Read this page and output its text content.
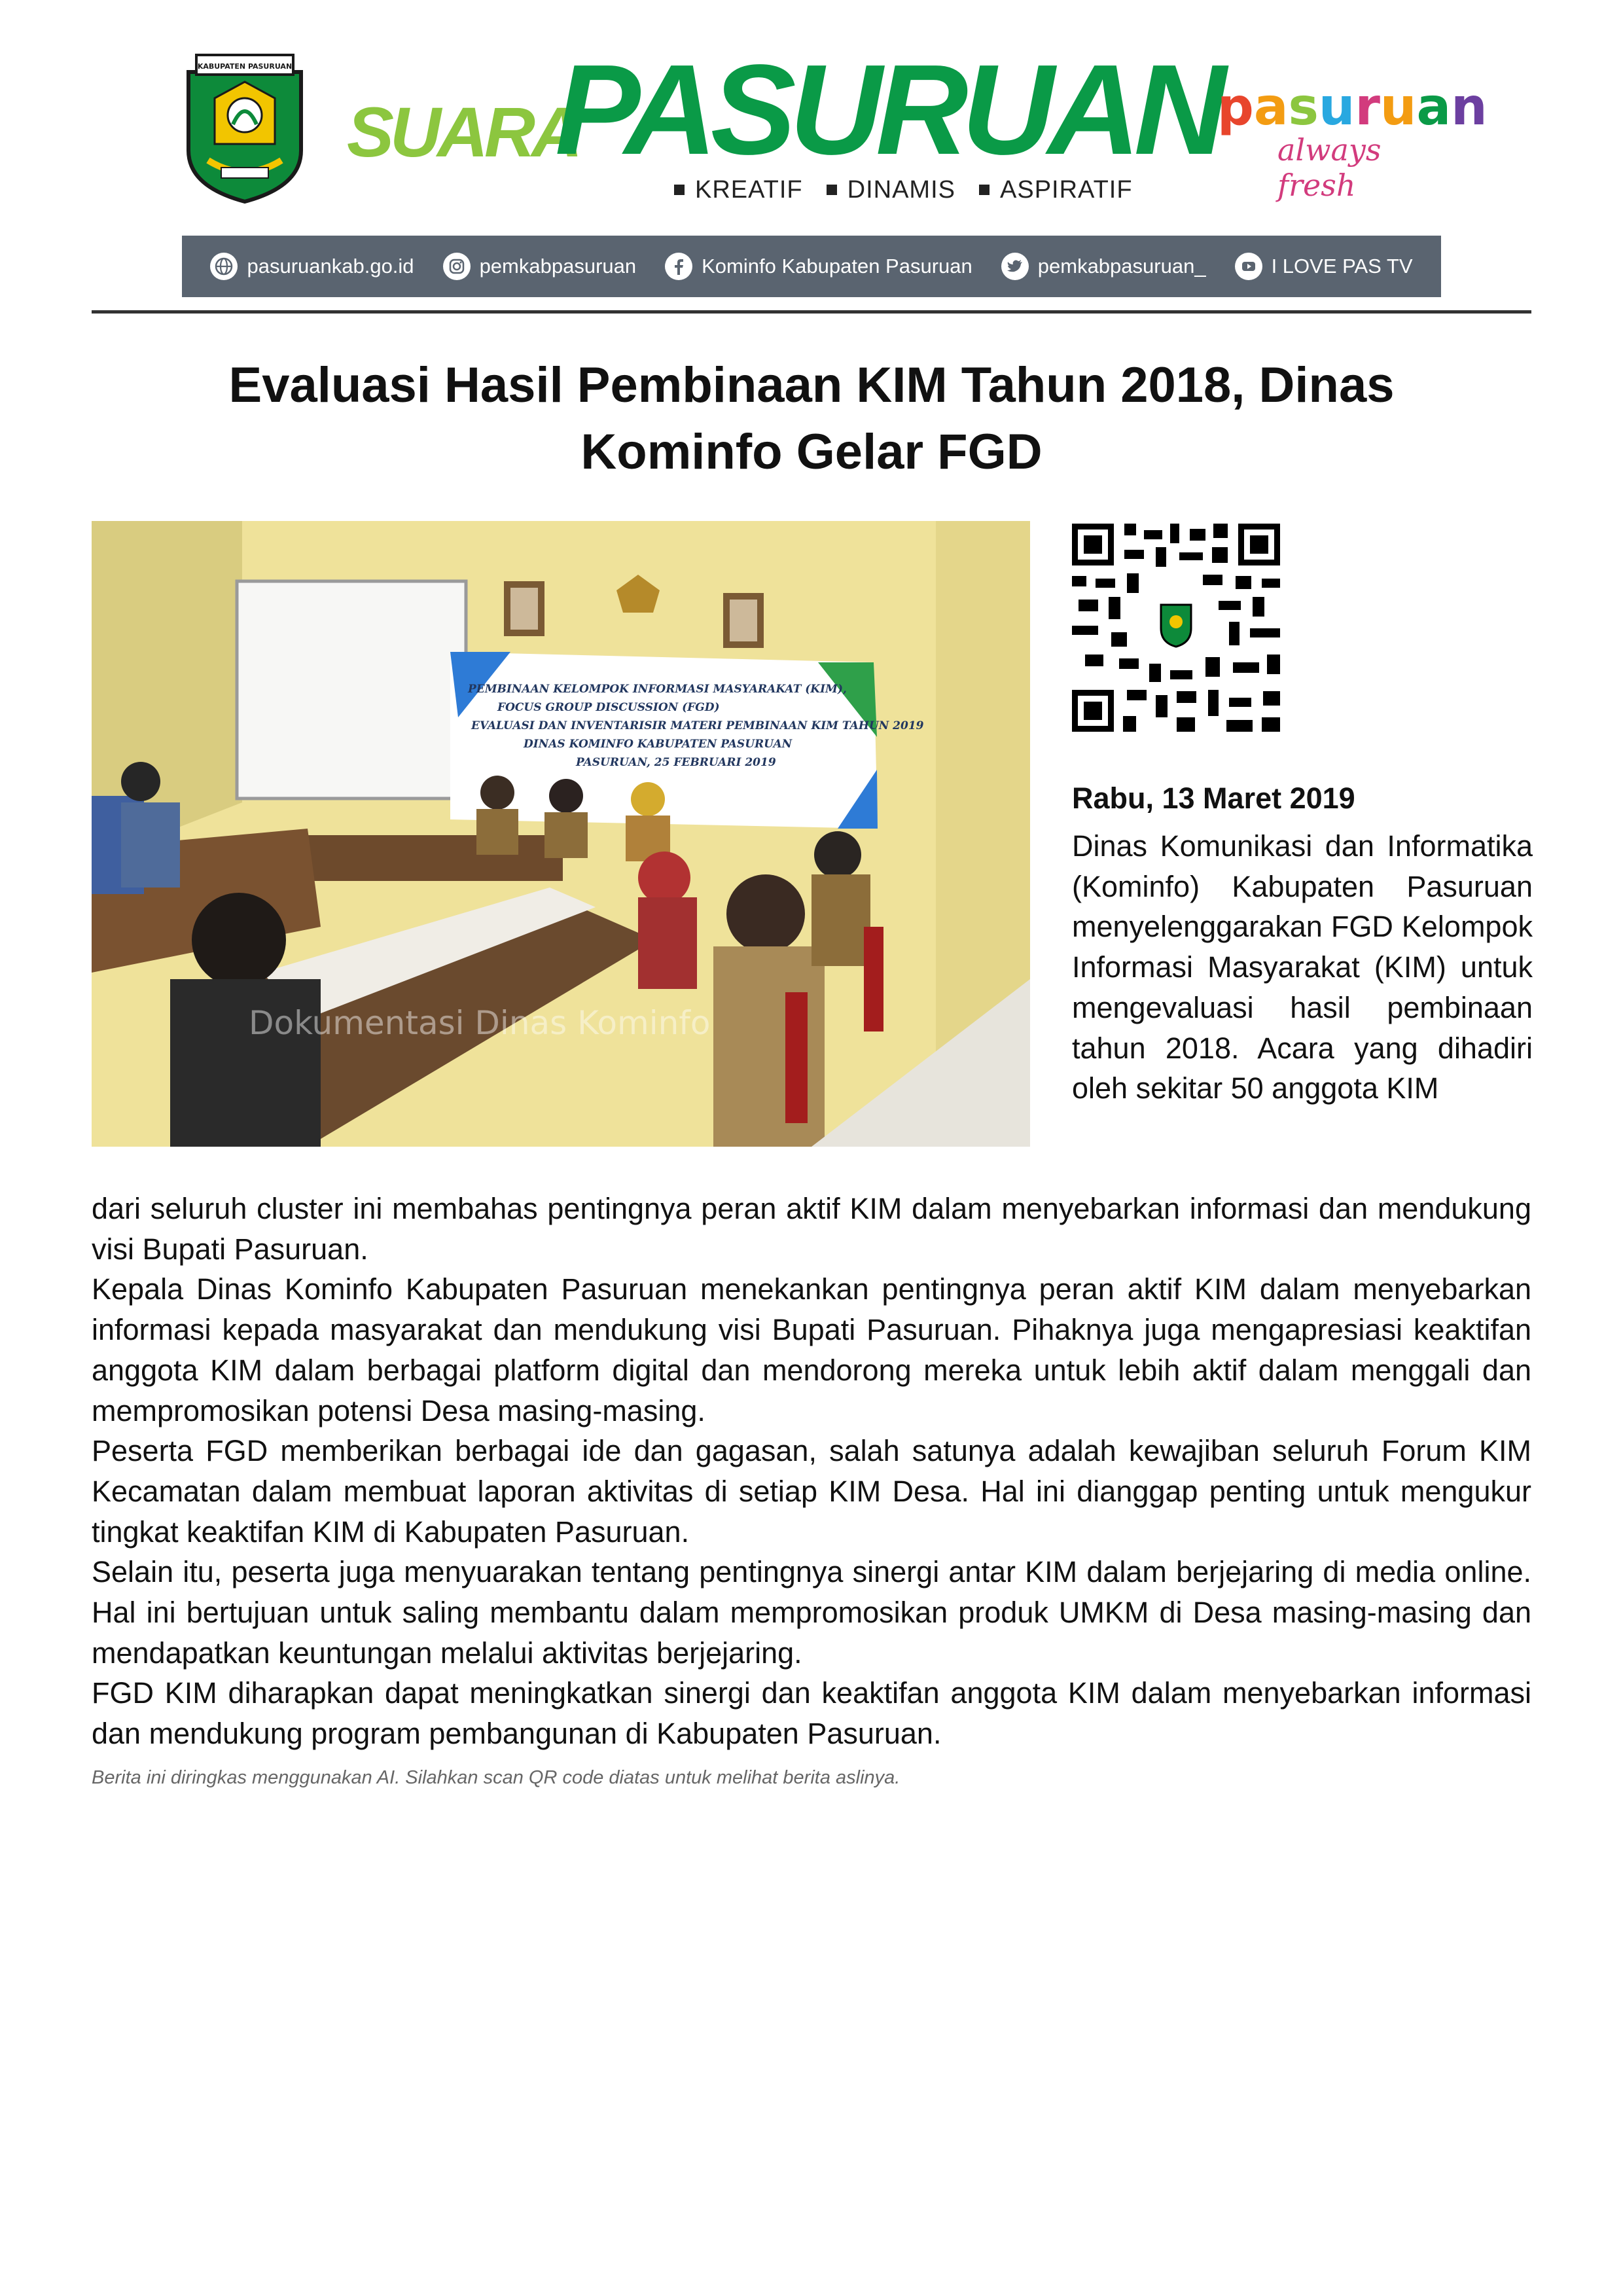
KABUPATEN PASURUAN
SUARA
PASURUAN
KREATIF DINAMIS ASPIRATIF
pasuruan
always fresh
pasuruankab.go.id	pemkabpasuruan	Kominfo Kabupaten Pasuruan	pemkabpasuruan_	I LOVE PAS TV
Evaluasi Hasil Pembinaan KIM Tahun 2018, Dinas
Kominfo Gelar FGD
PEMBINAAN KELOMPOK INFORMASI MASYARAKAT (KIM), FOCUS GROUP DISCUSSION (FGD) EVALUASI DAN INVENTARISIR MATERI PEMBINAAN KIM TAHUN 2019 DINAS KOMINFO KABUPATEN PASURUAN PASURUAN, 25 FEBRUARI 2019
Dokumentasi Dinas Kominfo
Rabu, 13 Maret 2019
Dinas Komunikasi dan Informatika (Kominfo) Kabupaten Pasuruan menyelenggarakan FGD Kelompok Informasi Masyarakat (KIM) untuk mengevaluasi hasil pembinaan tahun 2018. Acara yang dihadiri oleh sekitar 50 anggota KIM

dari seluruh cluster ini membahas pentingnya peran aktif KIM dalam menyebarkan informasi dan mendukung visi Bupati Pasuruan.

Kepala Dinas Kominfo Kabupaten Pasuruan menekankan pentingnya peran aktif KIM dalam menyebarkan informasi kepada masyarakat dan mendukung visi Bupati Pasuruan. Pihaknya juga mengapresiasi keaktifan anggota KIM dalam berbagai platform digital dan mendorong mereka untuk lebih aktif dalam menggali dan mempromosikan potensi Desa masing-masing.

Peserta FGD memberikan berbagai ide dan gagasan, salah satunya adalah kewajiban seluruh Forum KIM Kecamatan dalam membuat laporan aktivitas di setiap KIM Desa. Hal ini dianggap penting untuk mengukur tingkat keaktifan KIM di Kabupaten Pasuruan.

Selain itu, peserta juga menyuarakan tentang pentingnya sinergi antar KIM dalam berjejaring di media online. Hal ini bertujuan untuk saling membantu dalam mempromosikan produk UMKM di Desa masing-masing dan mendapatkan keuntungan melalui aktivitas berjejaring.

FGD KIM diharapkan dapat meningkatkan sinergi dan keaktifan anggota KIM dalam menyebarkan informasi dan mendukung program pembangunan di Kabupaten Pasuruan.

Berita ini diringkas menggunakan AI. Silahkan scan QR code diatas untuk melihat berita aslinya.
